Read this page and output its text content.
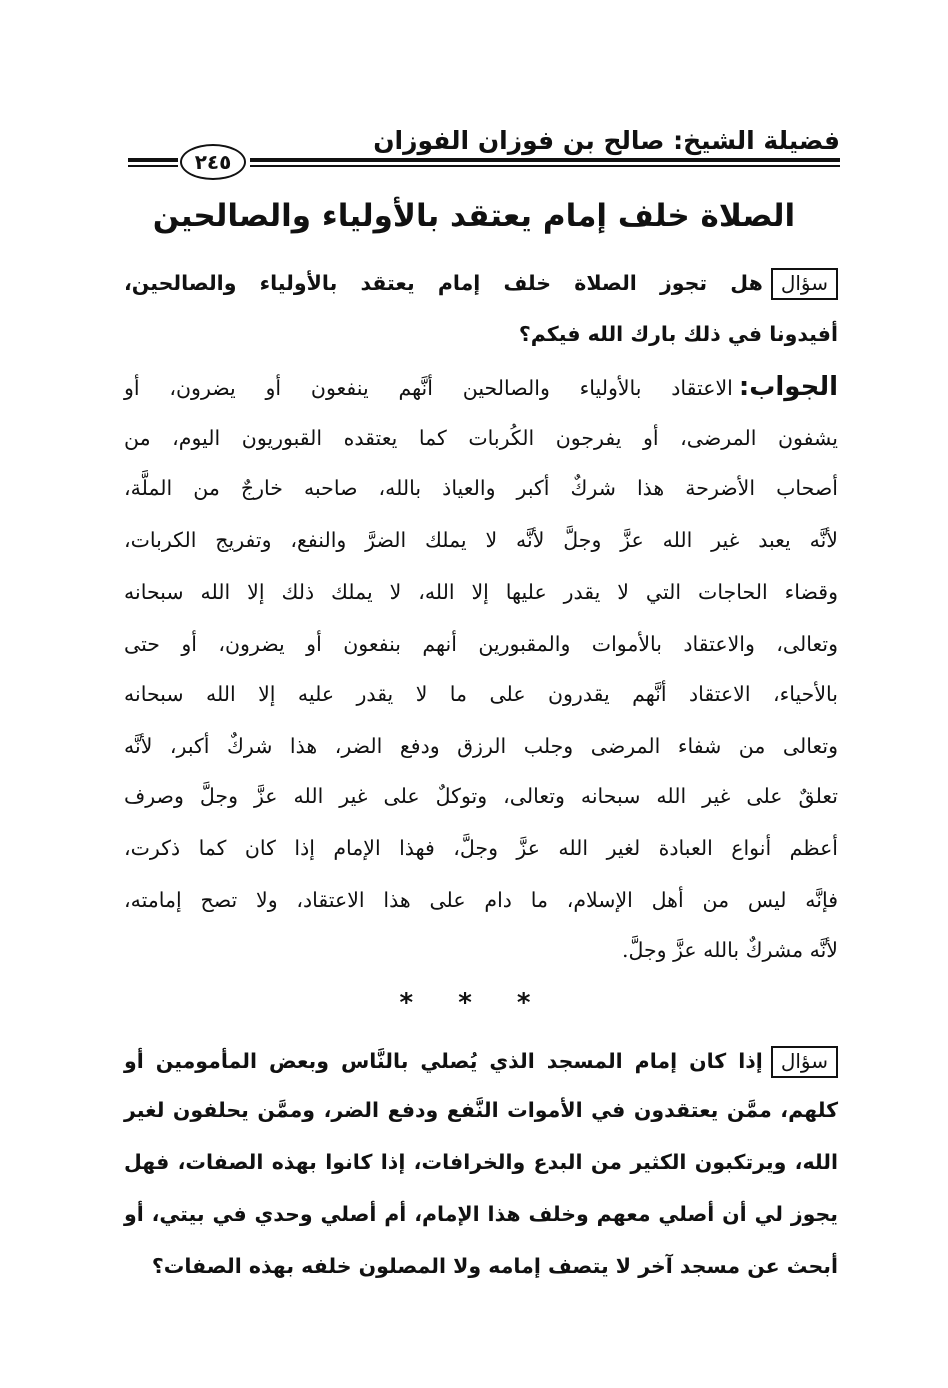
فضيلة الشيخ: صالح بن فوزان الفوزان
٢٤٥
الصلاة خلف إمام يعتقد بالأولياء والصالحين
سؤالهل تجوز الصلاة خلف إمام يعتقد بالأولياء والصالحين،
أفيدونا في ذلك بارك الله فيكم؟
الجواب:الاعتقاد بالأولياء والصالحين أنَّهم ينفعون أو يضرون، أو
يشفون المرضى، أو يفرجون الكُربات كما يعتقده القبوريون اليوم، من
أصحاب الأضرحة هذا شركٌ أكبر والعياذ بالله، صاحبه خارجٌ من الملَّة،
لأنَّه يعبد غير الله عزَّ وجلَّ لأنَّه لا يملك الضرَّ والنفع، وتفريج الكربات،
وقضاء الحاجات التي لا يقدر عليها إلا الله، لا يملك ذلك إلا الله سبحانه
وتعالى، والاعتقاد بالأموات والمقبورين أنهم بنفعون أو يضرون، أو حتى
بالأحياء، الاعتقاد أنَّهم يقدرون على ما لا يقدر عليه إلا الله سبحانه
وتعالى من شفاء المرضى وجلب الرزق ودفع الضر، هذا شركٌ أكبر، لأنَّه
تعلقٌ على غير الله سبحانه وتعالى، وتوكلٌ على غير الله عزَّ وجلَّ وصرف
أعظم أنواع العبادة لغير الله عزَّ وجلَّ، فهذا الإمام إذا كان كما ذكرت،
فإنَّه ليس من أهل الإسلام، ما دام على هذا الاعتقاد، ولا تصح إمامته،
لأنَّه مشركٌ بالله عزَّ وجلَّ.
* * *
سؤالإذا كان إمام المسجد الذي يُصلي بالنَّاس وبعض المأمومين أو
كلهم، ممَّن يعتقدون في الأموات النَّفع ودفع الضر، وممَّن يحلفون لغير
الله، ويرتكبون الكثير من البدع والخرافات، إذا كانوا بهذه الصفات، فهل
يجوز لي أن أصلي معهم وخلف هذا الإمام، أم أصلي وحدي في بيتي، أو
أبحث عن مسجد آخر لا يتصف إمامه ولا المصلون خلفه بهذه الصفات؟
